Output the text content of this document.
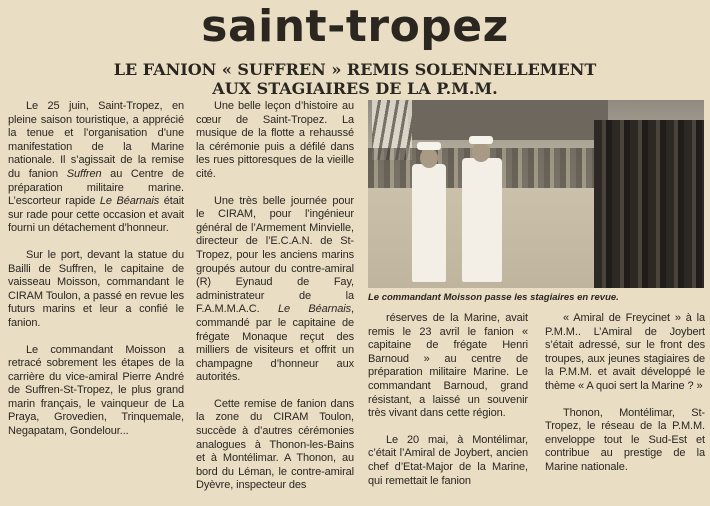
saint-tropez
LE FANION « SUFFREN » REMIS SOLENNELLEMENT
AUX STAGIAIRES DE LA P.M.M.

Le 25 juin, Saint-Tropez, en pleine saison touristique, a apprécié la tenue et l’organisation d’une manifestation de la Marine nationale. Il s’agissait de la remise du fanion Suffren au Centre de préparation militaire marine. L’escorteur rapide Le Béarnais était sur rade pour cette occasion et avait fourni un détachement d’honneur.

Sur le port, devant la statue du Bailli de Suffren, le capitaine de vaisseau Moisson, commandant le CIRAM Toulon, a passé en revue les futurs marins et leur a confié le fanion.

Le commandant Moisson a retracé sobrement les étapes de la carrière du vice-amiral Pierre André de Suffren-St-Tropez, le plus grand marin français, le vainqueur de La Praya, Grovedien, Trinquemale, Negapatam, Gondelour...

Une belle leçon d’histoire au cœur de Saint-Tropez. La musique de la flotte a rehaussé la cérémonie puis a défilé dans les rues pittoresques de la vieille cité.

Une très belle journée pour le CIRAM, pour l’ingénieur général de l’Armement Minvielle, directeur de l’E.C.A.N. de St-Tropez, pour les anciens marins groupés autour du contre-amiral (R) Eynaud de Fay, administrateur de la F.A.M.M.A.C. Le Béarnais, commandé par le capitaine de frégate Monaque reçut des milliers de visiteurs et offrit un champagne d’honneur aux autorités.

Cette remise de fanion dans la zone du CIRAM Toulon, succède à d’autres cérémonies analogues à Thonon-les-Bains et à Montélimar. A Thonon, au bord du Léman, le contre-amiral Dyèvre, inspecteur des

Le commandant Moisson passe les stagiaires en revue.

réserves de la Marine, avait remis le 23 avril le fanion « capitaine de frégate Henri Barnoud » au centre de préparation militaire Marine. Le commandant Barnoud, grand résistant, a laissé un souvenir très vivant dans cette région.

Le 20 mai, à Montélimar, c’était l’Amiral de Joybert, ancien chef d’Etat-Major de la Marine, qui remettait le fanion

« Amiral de Freycinet » à la P.M.M.. L’Amiral de Joybert s’était adressé, sur le front des troupes, aux jeunes stagiaires de la P.M.M. et avait développé le thème « A quoi sert la Marine ? »

Thonon, Montélimar, St-Tropez, le réseau de la P.M.M. enveloppe tout le Sud-Est et contribue au prestige de la Marine nationale.
